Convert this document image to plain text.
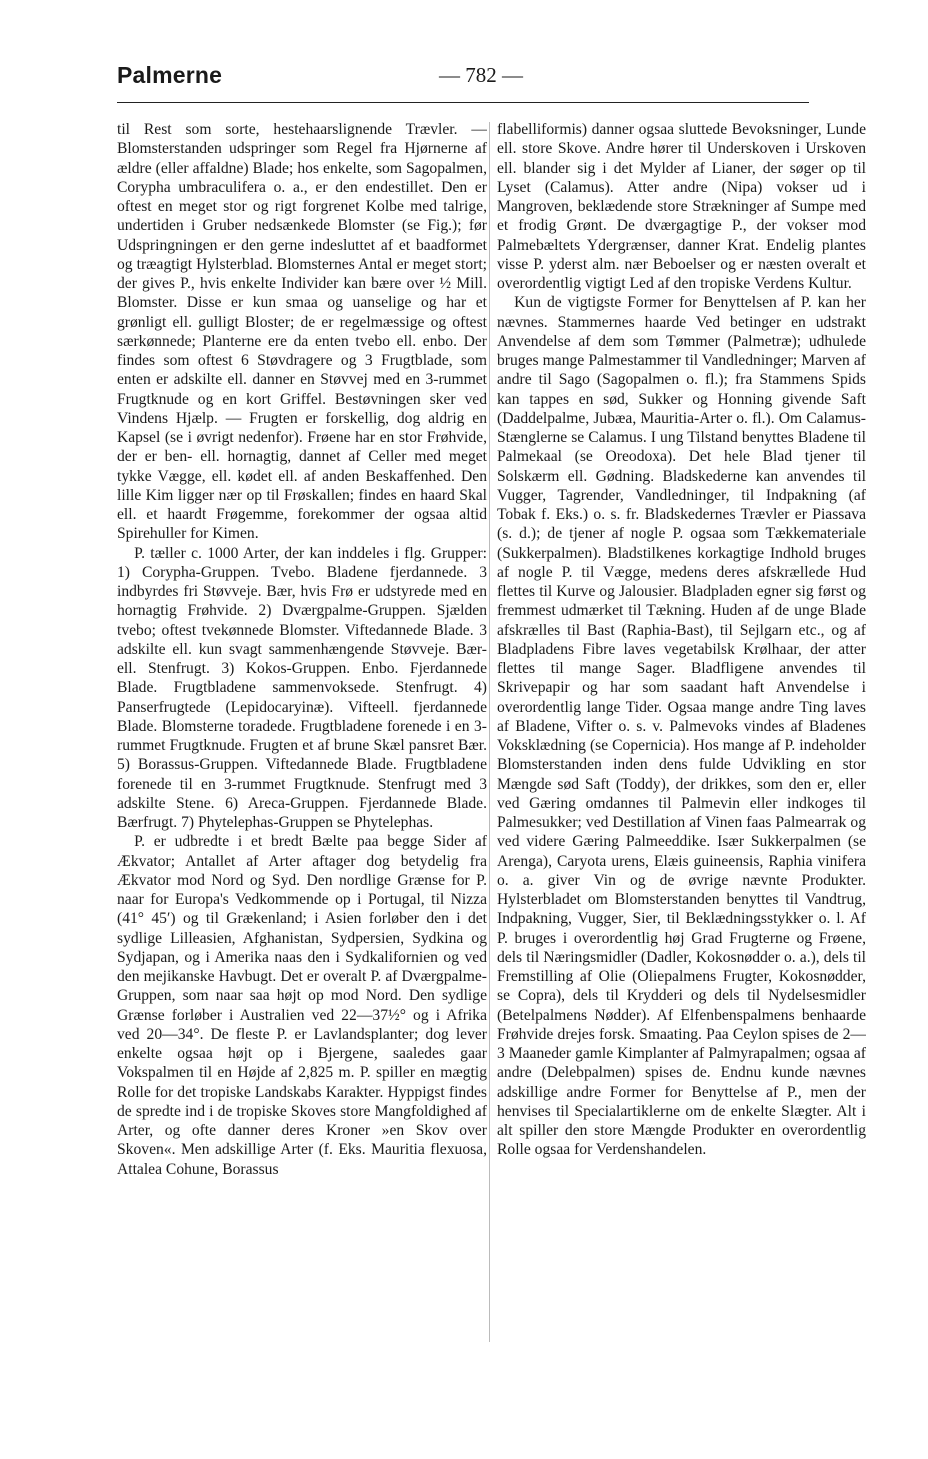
Palmerne	— 782 —

til Rest som sorte, hestehaarslignende Trævler. — Blomsterstanden udspringer som Regel fra Hjørnerne af ældre (eller affaldne) Blade; hos enkelte, som Sagopalmen, Corypha umbraculifera o. a., er den endestillet. Den er oftest en meget stor og rigt forgrenet Kolbe med talrige, undertiden i Gruber nedsænkede Blomster (se Fig.); før Udspringningen er den gerne indesluttet af et baadformet og træagtigt Hylsterblad. Blomsternes Antal er meget stort; der gives P., hvis enkelte Individer kan bære over ½ Mill. Blomster. Disse er kun smaa og uanselige og har et grønligt ell. gulligt Bloster; de er regelmæssige og oftest særkønnede; Planterne ere da enten tvebo ell. enbo. Der findes som oftest 6 Støvdragere og 3 Frugtblade, som enten er adskilte ell. danner en Støvvej med en 3-rummet Frugtknude og en kort Griffel. Bestøvningen sker ved Vindens Hjælp. — Frugten er forskellig, dog aldrig en Kapsel (se i øvrigt nedenfor). Frøene har en stor Frøhvide, der er ben- ell. hornagtig, dannet af Celler med meget tykke Vægge, ell. kødet ell. af anden Beskaffenhed. Den lille Kim ligger nær op til Frøskallen; findes en haard Skal ell. et haardt Frøgemme, forekommer der ogsaa altid Spirehuller for Kimen.

P. tæller c. 1000 Arter, der kan inddeles i flg. Grupper: 1) Corypha-Gruppen. Tvebo. Bladene fjerdannede. 3 indbyrdes fri Støvveje. Bær, hvis Frø er udstyrede med en hornagtig Frøhvide. 2) Dværgpalme-Gruppen. Sjælden tvebo; oftest tvekønnede Blomster. Viftedannede Blade. 3 adskilte ell. kun svagt sammenhængende Støvveje. Bær- ell. Stenfrugt. 3) Kokos-Gruppen. Enbo. Fjerdannede Blade. Frugtbladene sammenvoksede. Stenfrugt. 4) Panserfrugtede (Lepidocaryinæ). Vifteell. fjerdannede Blade. Blomsterne toradede. Frugtbladene forenede i en 3-rummet Frugtknude. Frugten et af brune Skæl pansret Bær. 5) Borassus-Gruppen. Viftedannede Blade. Frugtbladene forenede til en 3-rummet Frugtknude. Stenfrugt med 3 adskilte Stene. 6) Areca-Gruppen. Fjerdannede Blade. Bærfrugt. 7) Phytelephas-Gruppen se Phytelephas.

P. er udbredte i et bredt Bælte paa begge Sider af Ækvator; Antallet af Arter aftager dog betydelig fra Ækvator mod Nord og Syd. Den nordlige Grænse for P. naar for Europa's Vedkommende op i Portugal, til Nizza (41° 45′) og til Grækenland; i Asien forløber den i det sydlige Lilleasien, Afghanistan, Sydpersien, Sydkina og Sydjapan, og i Amerika naas den i Sydkalifornien og ved den mejikanske Havbugt. Det er overalt P. af Dværgpalme-Gruppen, som naar saa højt op mod Nord. Den sydlige Grænse forløber i Australien ved 22—37½° og i Afrika ved 20—34°. De fleste P. er Lavlandsplanter; dog lever enkelte ogsaa højt op i Bjergene, saaledes gaar Vokspalmen til en Højde af 2,825 m. P. spiller en mægtig Rolle for det tropiske Landskabs Karakter. Hyppigst findes de spredte ind i de tropiske Skoves store Mangfoldighed af Arter, og ofte danner deres Kroner »en Skov over Skoven«. Men adskillige Arter (f. Eks. Mauritia flexuosa, Attalea Cohune, Borassus

flabelliformis) danner ogsaa sluttede Bevoksninger, Lunde ell. store Skove. Andre hører til Underskoven i Urskoven ell. blander sig i det Mylder af Lianer, der søger op til Lyset (Calamus). Atter andre (Nipa) vokser ud i Mangroven, beklædende store Strækninger af Sumpe med et frodig Grønt. De dværgagtige P., der vokser mod Palmebæltets Ydergrænser, danner Krat. Endelig plantes visse P. yderst alm. nær Beboelser og er næsten overalt et overordentlig vigtigt Led af den tropiske Verdens Kultur.

Kun de vigtigste Former for Benyttelsen af P. kan her nævnes. Stammernes haarde Ved betinger en udstrakt Anvendelse af dem som Tømmer (Palmetræ); udhulede bruges mange Palmestammer til Vandledninger; Marven af andre til Sago (Sagopalmen o. fl.); fra Stammens Spids kan tappes en sød, Sukker og Honning givende Saft (Daddelpalme, Jubæa, Mauritia-Arter o. fl.). Om Calamus-Stænglerne se Calamus. I ung Tilstand benyttes Bladene til Palmekaal (se Oreodoxa). Det hele Blad tjener til Solskærm ell. Gødning. Bladskederne kan anvendes til Vugger, Tagrender, Vandledninger, til Indpakning (af Tobak f. Eks.) o. s. fr. Bladskedernes Trævler er Piassava (s. d.); de tjener af nogle P. ogsaa som Tækkemateriale (Sukkerpalmen). Bladstilkenes korkagtige Indhold bruges af nogle P. til Vægge, medens deres afskrællede Hud flettes til Kurve og Jalousier. Bladpladen egner sig først og fremmest udmærket til Tækning. Huden af de unge Blade afskrælles til Bast (Raphia-Bast), til Sejlgarn etc., og af Bladpladens Fibre laves vegetabilsk Krølhaar, der atter flettes til mange Sager. Bladfligene anvendes til Skrivepapir og har som saadant haft Anvendelse i overordentlig lange Tider. Ogsaa mange andre Ting laves af Bladene, Vifter o. s. v. Palmevoks vindes af Bladenes Voksklædning (se Copernicia). Hos mange af P. indeholder Blomsterstanden inden dens fulde Udvikling en stor Mængde sød Saft (Toddy), der drikkes, som den er, eller ved Gæring omdannes til Palmevin eller indkoges til Palmesukker; ved Destillation af Vinen faas Palmearrak og ved videre Gæring Palmeeddike. Især Sukkerpalmen (se Arenga), Caryota urens, Elæis guineensis, Raphia vinifera o. a. giver Vin og de øvrige nævnte Produkter. Hylsterbladet om Blomsterstanden benyttes til Vandtrug, Indpakning, Vugger, Sier, til Beklædningsstykker o. l. Af P. bruges i overordentlig høj Grad Frugterne og Frøene, dels til Næringsmidler (Dadler, Kokosnødder o. a.), dels til Fremstilling af Olie (Oliepalmens Frugter, Kokosnødder, se Copra), dels til Krydderi og dels til Nydelsesmidler (Betelpalmens Nødder). Af Elfenbenspalmens benhaarde Frøhvide drejes forsk. Smaating. Paa Ceylon spises de 2—3 Maaneder gamle Kimplanter af Palmyrapalmen; ogsaa af andre (Delebpalmen) spises de. Endnu kunde nævnes adskillige andre Former for Benyttelse af P., men der henvises til Specialartiklerne om de enkelte Slægter. Alt i alt spiller den store Mængde Produkter en overordentlig Rolle ogsaa for Verdenshandelen.
